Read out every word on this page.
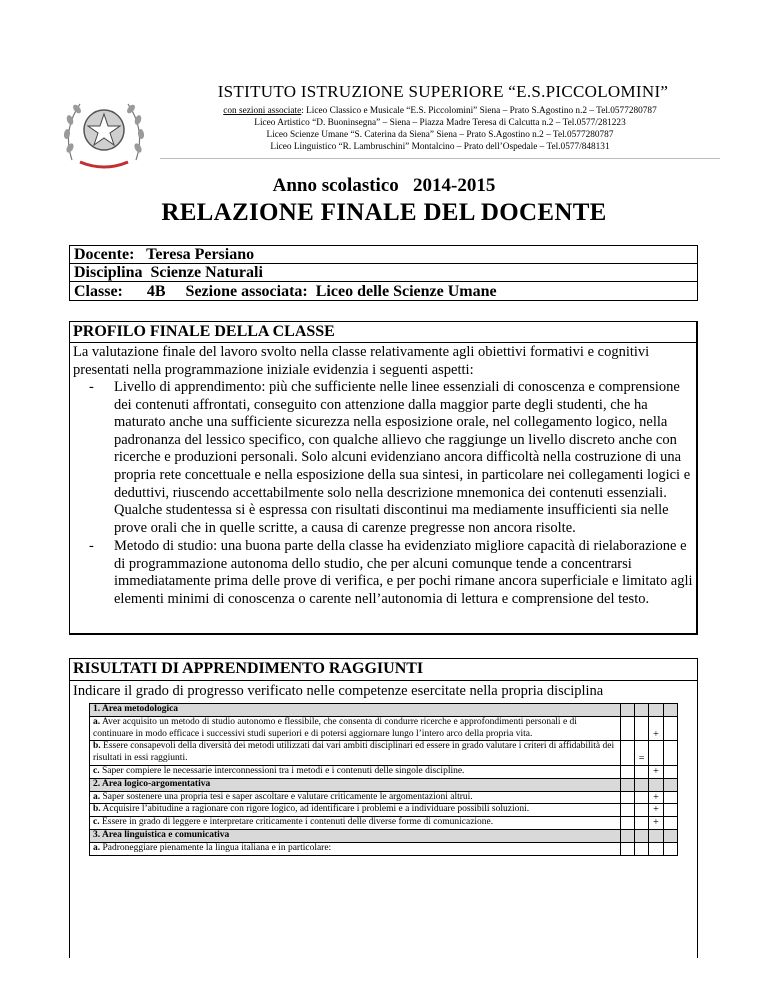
ISTITUTO ISTRUZIONE SUPERIORE “E.S.PICCOLOMINI”
con sezioni associate: Liceo Classico e Musicale “E.S. Piccolomini” Siena – Prato S.Agostino n.2 – Tel.0577280787
Liceo Artistico “D. Buoninsegna” – Siena – Piazza Madre Teresa di Calcutta n.2 – Tel.0577/281223
Liceo Scienze Umane “S. Caterina da Siena” Siena – Prato S.Agostino n.2 – Tel.0577280787
Liceo Linguistico “R. Lambruschini” Montalcino – Prato dell’Ospedale – Tel.0577/848131
Anno scolastico   2014-2015
RELAZIONE FINALE DEL DOCENTE
Docente:   Teresa Persiano
Disciplina  Scienze Naturali
Classe:      4B     Sezione associata:  Liceo delle Scienze Umane
PROFILO FINALE DELLA CLASSE
La valutazione finale del lavoro svolto nella classe relativamente agli obiettivi formativi e cognitivi presentati nella programmazione iniziale evidenzia i seguenti aspetti:
- Livello di apprendimento: più che sufficiente nelle linee essenziali di conoscenza e comprensione dei contenuti affrontati, conseguito con attenzione dalla maggior parte degli studenti, che ha maturato anche una sufficiente sicurezza nella esposizione orale, nel collegamento logico, nella padronanza del lessico specifico, con qualche allievo che raggiunge un livello discreto anche con ricerche e produzioni personali. Solo alcuni evidenziano ancora difficoltà nella costruzione di una propria rete concettuale e nella esposizione della sua sintesi, in particolare nei collegamenti logici e deduttivi, riuscendo accettabilmente solo nella descrizione mnemonica dei contenuti essenziali. Qualche studentessa si è espressa con risultati discontinui ma mediamente insufficienti sia nelle prove orali che in quelle scritte, a causa di carenze pregresse non ancora risolte.
- Metodo di studio: una buona parte della classe ha evidenziato migliore capacità di rielaborazione e di programmazione autonoma dello studio, che per alcuni comunque tende a concentrarsi immediatamente prima delle prove di verifica, e per pochi rimane ancora superficiale e limitato agli elementi minimi di conoscenza o carente nell’autonomia di lettura e comprensione del testo.
RISULTATI DI APPRENDIMENTO RAGGIUNTI
Indicare il grado di progresso verificato nelle competenze esercitate nella propria disciplina
1. Area metodologica				
a. Aver acquisito un metodo di studio autonomo e flessibile, che consenta di condurre ricerche e approfondimenti personali e di continuare in modo efficace i successivi studi superiori e di potersi aggiornare lungo l’intero arco della propria vita.			+	
b. Essere consapevoli della diversità dei metodi utilizzati dai vari ambiti disciplinari ed essere in grado valutare i criteri di affidabilità dei risultati in essi raggiunti.		=		
c. Saper compiere le necessarie interconnessioni tra i metodi e i contenuti delle singole discipline.			+	
2. Area logico-argomentativa				
a. Saper sostenere una propria tesi e saper ascoltare e valutare criticamente le argomentazioni altrui.			+	
b. Acquisire l’abitudine a ragionare con rigore logico, ad identificare i problemi e a individuare possibili soluzioni.			+	
c. Essere in grado di leggere e interpretare criticamente i contenuti delle diverse forme di comunicazione.			+	
3. Area linguistica e comunicativa				
a. Padroneggiare pienamente la lingua italiana e in particolare:				
